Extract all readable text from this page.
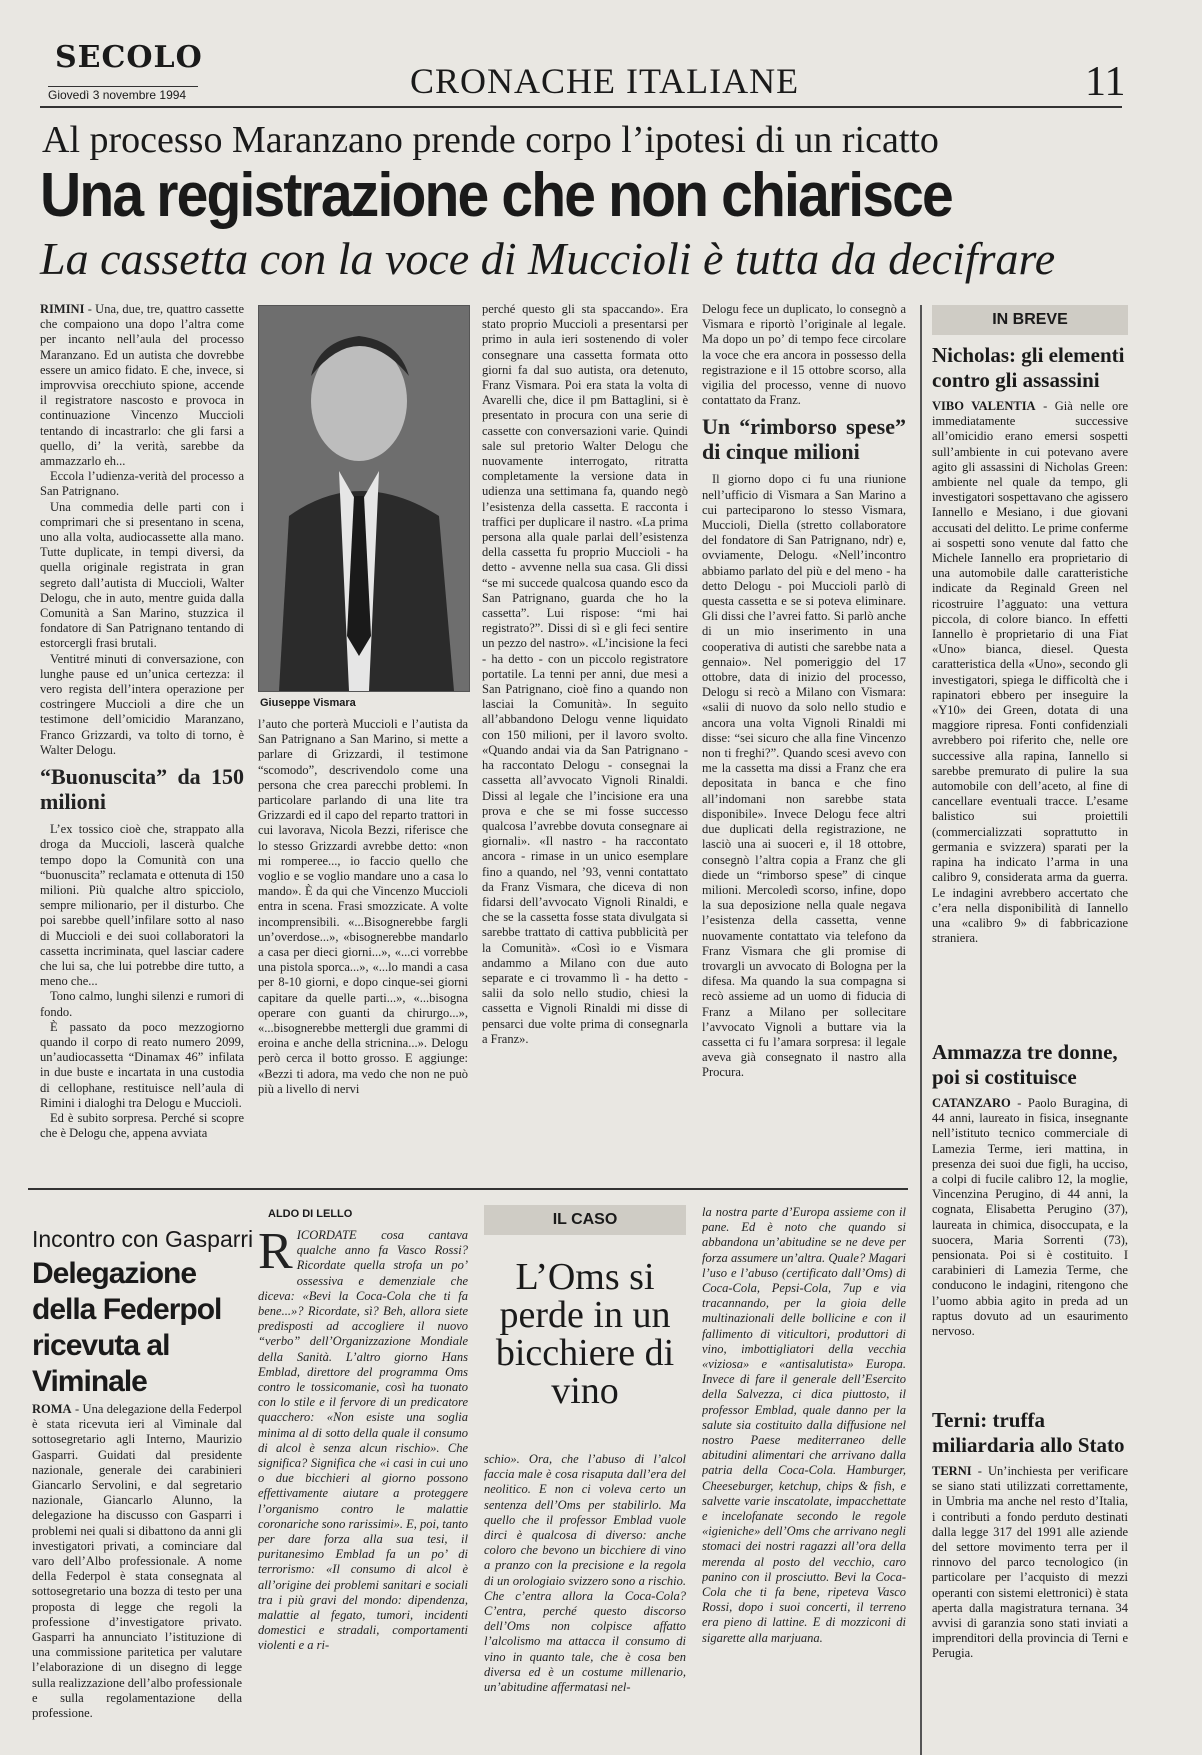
SECOLO
Giovedì 3 novembre 1994	CRONACHE ITALIANE	11
Al processo Maranzano prende corpo l’ipotesi di un ricatto
Una registrazione che non chiarisce
La cassetta con la voce di Muccioli è tutta da decifrare

RIMINI - Una, due, tre, quattro cassette che compaiono una dopo l’altra come per incanto nell’aula del processo Maranzano. Ed un autista che dovrebbe essere un amico fidato. E che, invece, si improvvisa orecchiuto spione, accende il registratore nascosto e provoca in continuazione Vincenzo Muccioli tentando di incastrarlo: che gli farsi a quello, di’ la verità, sarebbe da ammazzarlo eh...

Eccola l’udienza-verità del processo a San Patrignano.

Una commedia delle parti con i comprimari che si presentano in scena, uno alla volta, audiocassette alla mano. Tutte duplicate, in tempi diversi, da quella originale registrata in gran segreto dall’autista di Muccioli, Walter Delogu, che in auto, mentre guida dalla Comunità a San Marino, stuzzica il fondatore di San Patrignano tentando di estorcergli frasi brutali.

Ventitré minuti di conversazione, con lunghe pause ed un’unica certezza: il vero regista dell’intera operazione per costringere Muccioli a dire che un testimone dell’omicidio Maranzano, Franco Grizzardi, va tolto di torno, è Walter Delogu.

“Buonuscita” da 150 milioni

L’ex tossico cioè che, strappato alla droga da Muccioli, lascerà qualche tempo dopo la Comunità con una “buonuscita” reclamata e ottenuta di 150 milioni. Più qualche altro spicciolo, sempre milionario, per il disturbo. Che poi sarebbe quell’infilare sotto al naso di Muccioli e dei suoi collaboratori la cassetta incriminata, quel lasciar cadere che lui sa, che lui potrebbe dire tutto, a meno che...

Tono calmo, lunghi silenzi e rumori di fondo.

È passato da poco mezzogiorno quando il corpo di reato numero 2099, un’audiocassetta “Dinamax 46” infilata in due buste e incartata in una custodia di cellophane, restituisce nell’aula di Rimini i dialoghi tra Delogu e Muccioli.

Ed è subito sorpresa. Perché si scopre che è Delogu che, appena avviata

Giuseppe Vismara

l’auto che porterà Muccioli e l’autista da San Patrignano a San Marino, si mette a parlare di Grizzardi, il testimone “scomodo”, descrivendolo come una persona che crea parecchi problemi. In particolare parlando di una lite tra Grizzardi ed il capo del reparto trattori in cui lavorava, Nicola Bezzi, riferisce che lo stesso Grizzardi avrebbe detto: «non mi romperee..., io faccio quello che voglio e se voglio mandare uno a casa lo mando». È da qui che Vincenzo Muccioli entra in scena. Frasi smozzicate. A volte incomprensibili. «...Bisognerebbe fargli un’overdose...», «bisognerebbe mandarlo a casa per dieci giorni...», «...ci vorrebbe una pistola sporca...», «...lo mandi a casa per 8-10 giorni, e dopo cinque-sei giorni capitare da quelle parti...», «...bisogna operare con guanti da chirurgo...», «...bisognerebbe mettergli due grammi di eroina e anche della stricnina...». Delogu però cerca il botto grosso. E aggiunge: «Bezzi ti adora, ma vedo che non ne può più a livello di nervi

perché questo gli sta spaccando». Era stato proprio Muccioli a presentarsi per primo in aula ieri sostenendo di voler consegnare una cassetta formata otto giorni fa dal suo autista, ora detenuto, Franz Vismara. Poi era stata la volta di Avarelli che, dice il pm Battaglini, si è presentato in procura con una serie di cassette con conversazioni varie. Quindi sale sul pretorio Walter Delogu che nuovamente interrogato, ritratta completamente la versione data in udienza una settimana fa, quando negò l’esistenza della cassetta. E racconta i traffici per duplicare il nastro. «La prima persona alla quale parlai dell’esistenza della cassetta fu proprio Muccioli - ha detto - avvenne nella sua casa. Gli dissi “se mi succede qualcosa quando esco da San Patrignano, guarda che ho la cassetta”. Lui rispose: “mi hai registrato?”. Dissi di sì e gli feci sentire un pezzo del nastro». «L’incisione la feci - ha detto - con un piccolo registratore portatile. La tenni per anni, due mesi a San Patrignano, cioè fino a quando non lasciai la Comunità». In seguito all’abbandono Delogu venne liquidato con 150 milioni, per il lavoro svolto. «Quando andai via da San Patrignano - ha raccontato Delogu - consegnai la cassetta all’avvocato Vignoli Rinaldi. Dissi al legale che l’incisione era una prova e che se mi fosse successo qualcosa l’avrebbe dovuta consegnare ai giornali». «Il nastro - ha raccontato ancora - rimase in un unico esemplare fino a quando, nel ’93, venni contattato da Franz Vismara, che diceva di non fidarsi dell’avvocato Vignoli Rinaldi, e che se la cassetta fosse stata divulgata si sarebbe trattato di cattiva pubblicità per la Comunità». «Così io e Vismara andammo a Milano con due auto separate e ci trovammo lì - ha detto - salii da solo nello studio, chiesi la cassetta e Vignoli Rinaldi mi disse di pensarci due volte prima di consegnarla a Franz».

Delogu fece un duplicato, lo consegnò a Vismara e riportò l’originale al legale. Ma dopo un po’ di tempo fece circolare la voce che era ancora in possesso della registrazione e il 15 ottobre scorso, alla vigilia del processo, venne di nuovo contattato da Franz.

Un “rimborso spese” di cinque milioni

Il giorno dopo ci fu una riunione nell’ufficio di Vismara a San Marino a cui parteciparono lo stesso Vismara, Muccioli, Diella (stretto collaboratore del fondatore di San Patrignano, ndr) e, ovviamente, Delogu. «Nell’incontro abbiamo parlato del più e del meno - ha detto Delogu - poi Muccioli parlò di questa cassetta e se si poteva eliminare. Gli dissi che l’avrei fatto. Si parlò anche di un mio inserimento in una cooperativa di autisti che sarebbe nata a gennaio». Nel pomeriggio del 17 ottobre, data di inizio del processo, Delogu si recò a Milano con Vismara: «salii di nuovo da solo nello studio e ancora una volta Vignoli Rinaldi mi disse: “sei sicuro che alla fine Vincenzo non ti freghi?”. Quando scesi avevo con me la cassetta ma dissi a Franz che era depositata in banca e che fino all’indomani non sarebbe stata disponibile». Invece Delogu fece altri due duplicati della registrazione, ne lasciò una ai suoceri e, il 18 ottobre, consegnò l’altra copia a Franz che gli diede un “rimborso spese” di cinque milioni. Mercoledì scorso, infine, dopo la sua deposizione nella quale negava l’esistenza della cassetta, venne nuovamente contattato via telefono da Franz Vismara che gli promise di trovargli un avvocato di Bologna per la difesa. Ma quando la sua compagna si recò assieme ad un uomo di fiducia di Franz a Milano per sollecitare l’avvocato Vignoli a buttare via la cassetta ci fu l’amara sorpresa: il legale aveva già consegnato il nastro alla Procura.

IN BREVE
Nicholas: gli elementi contro gli assassini

VIBO VALENTIA - Già nelle ore immediatamente successive all’omicidio erano emersi sospetti sull’ambiente in cui potevano avere agito gli assassini di Nicholas Green: ambiente nel quale da tempo, gli investigatori sospettavano che agissero Iannello e Mesiano, i due giovani accusati del delitto. Le prime conferme ai sospetti sono venute dal fatto che Michele Iannello era proprietario di una automobile dalle caratteristiche indicate da Reginald Green nel ricostruire l’agguato: una vettura piccola, di colore bianco. In effetti Iannello è proprietario di una Fiat «Uno» bianca, diesel. Questa caratteristica della «Uno», secondo gli investigatori, spiega le difficoltà che i rapinatori ebbero per inseguire la «Y10» dei Green, dotata di una maggiore ripresa. Fonti confidenziali avrebbero poi riferito che, nelle ore successive alla rapina, Iannello si sarebbe premurato di pulire la sua automobile con dell’aceto, al fine di cancellare eventuali tracce. L’esame balistico sui proiettili (commercializzati soprattutto in germania e svizzera) sparati per la rapina ha indicato l’arma in una calibro 9, considerata arma da guerra. Le indagini avrebbero accertato che c’era nella disponibilità di Iannello una «calibro 9» di fabbricazione straniera.

Ammazza tre donne, poi si costituisce

CATANZARO - Paolo Buragina, di 44 anni, laureato in fisica, insegnante nell’istituto tecnico commerciale di Lamezia Terme, ieri mattina, in presenza dei suoi due figli, ha ucciso, a colpi di fucile calibro 12, la moglie, Vincenzina Perugino, di 44 anni, la cognata, Elisabetta Perugino (37), laureata in chimica, disoccupata, e la suocera, Maria Sorrenti (73), pensionata. Poi si è costituito. I carabinieri di Lamezia Terme, che conducono le indagini, ritengono che l’uomo abbia agito in preda ad un raptus dovuto ad un esaurimento nervoso.

Terni: truffa miliardaria allo Stato

TERNI - Un’inchiesta per verificare se siano stati utilizzati correttamente, in Umbria ma anche nel resto d’Italia, i contributi a fondo perduto destinati dalla legge 317 del 1991 alle aziende del settore movimento terra per il rinnovo del parco tecnologico (in particolare per l’acquisto di mezzi operanti con sistemi elettronici) è stata aperta dalla magistratura ternana. 34 avvisi di garanzia sono stati inviati a imprenditori della provincia di Terni e Perugia.

Incontro con Gasparri
Delegazione della Federpol ricevuta al Viminale

ROMA - Una delegazione della Federpol è stata ricevuta ieri al Viminale dal sottosegretario agli Interno, Maurizio Gasparri. Guidati dal presidente nazionale, generale dei carabinieri Giancarlo Servolini, e dal segretario nazionale, Giancarlo Alunno, la delegazione ha discusso con Gasparri i problemi nei quali si dibattono da anni gli investigatori privati, a cominciare dal varo dell’Albo professionale. A nome della Federpol è stata consegnata al sottosegretario una bozza di testo per una proposta di legge che regoli la professione d’investigatore privato. Gasparri ha annunciato l’istituzione di una commissione paritetica per valutare l’elaborazione di un disegno di legge sulla realizzazione dell’albo professionale e sulla regolamentazione della professione.

ALDO DI LELLO

RICORDATE cosa cantava qualche anno fa Vasco Rossi? Ricordate quella strofa un po’ ossessiva e demenziale che diceva: «Bevi la Coca-Cola che ti fa bene...»? Ricordate, sì? Beh, allora siete predisposti ad accogliere il nuovo “verbo” dell’Organizzazione Mondiale della Sanità. L’altro giorno Hans Emblad, direttore del programma Oms contro le tossicomanie, così ha tuonato con lo stile e il fervore di un predicatore quacchero: «Non esiste una soglia minima al di sotto della quale il consumo di alcol è senza alcun rischio». Che significa? Significa che «i casi in cui uno o due bicchieri al giorno possono effettivamente aiutare a proteggere l’organismo contro le malattie coronariche sono rarissimi». E, poi, tanto per dare forza alla sua tesi, il puritanesimo Emblad fa un po’ di terrorismo: «Il consumo di alcol è all’origine dei problemi sanitari e sociali tra i più gravi del mondo: dipendenza, malattie al fegato, tumori, incidenti domestici e stradali, comportamenti violenti e a ri-

IL CASO
L’Oms si perde in un bicchiere di vino

schio». Ora, che l’abuso di l’alcol faccia male è cosa risaputa dall’era del neolitico. E non ci voleva certo un sentenza dell’Oms per stabilirlo. Ma quello che il professor Emblad vuole dirci è qualcosa di diverso: anche coloro che bevono un bicchiere di vino a pranzo con la precisione e la regola di un orologiaio svizzero sono a rischio. Che c’entra allora la Coca-Cola? C’entra, perché questo discorso dell’Oms non colpisce affatto l’alcolismo ma attacca il consumo di vino in quanto tale, che è cosa ben diversa ed è un costume millenario, un’abitudine affermatasi nel-

la nostra parte d’Europa assieme con il pane. Ed è noto che quando si abbandona un’abitudine se ne deve per forza assumere un’altra. Quale? Magari l’uso e l’abuso (certificato dall’Oms) di Coca-Cola, Pepsi-Cola, 7up e via tracannando, per la gioia delle multinazionali delle bollicine e con il fallimento di viticultori, produttori di vino, imbottigliatori della vecchia «viziosa» e «antisalutista» Europa. Invece di fare il generale dell’Esercito della Salvezza, ci dica piuttosto, il professor Emblad, quale danno per la salute sia costituito dalla diffusione nel nostro Paese mediterraneo delle abitudini alimentari che arrivano dalla patria della Coca-Cola. Hamburger, Cheeseburger, ketchup, chips & fish, e salvette varie inscatolate, impacchettate e incelofanate secondo le regole «igieniche» dell’Oms che arrivano negli stomaci dei nostri ragazzi all’ora della merenda al posto del vecchio, caro panino con il prosciutto. Bevi la Coca-Cola che ti fa bene, ripeteva Vasco Rossi, dopo i suoi concerti, il terreno era pieno di lattine. E di mozziconi di sigarette alla marjuana.
